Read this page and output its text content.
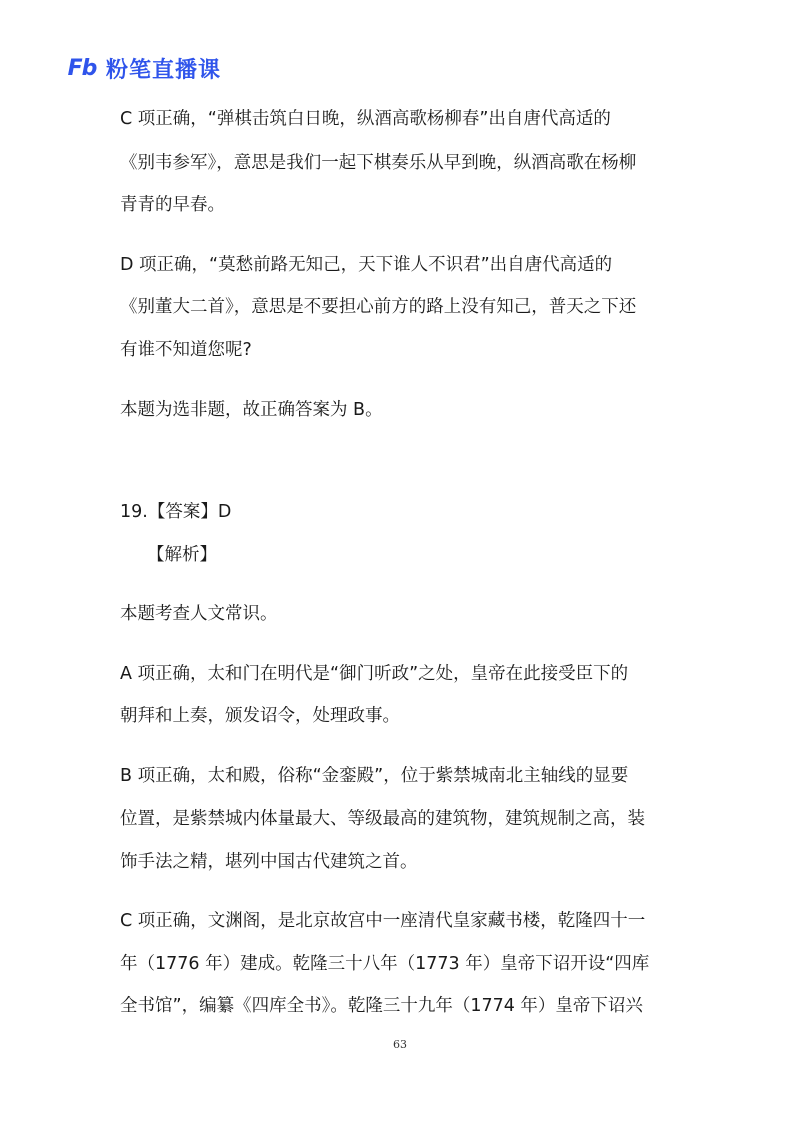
Fb 粉笔直播课
C 项正确，“弹棋击筑白日晚，纵酒高歌杨柳春”出自唐代高适的
《别韦参军》，意思是我们一起下棋奏乐从早到晚，纵酒高歌在杨柳
青青的早春。
D 项正确，“莫愁前路无知己，天下谁人不识君”出自唐代高适的
《别董大二首》，意思是不要担心前方的路上没有知己，普天之下还
有谁不知道您呢?
本题为选非题，故正确答案为 B。
19.【答案】D
【解析】
本题考查人文常识。
A 项正确，太和门在明代是“御门听政”之处，皇帝在此接受臣下的
朝拜和上奏，颁发诏令，处理政事。
B 项正确，太和殿，俗称“金銮殿”，位于紫禁城南北主轴线的显要
位置，是紫禁城内体量最大、等级最高的建筑物，建筑规制之高，装
饰手法之精，堪列中国古代建筑之首。
C 项正确，文渊阁，是北京故宫中一座清代皇家藏书楼，乾隆四十一
年（1776 年）建成。乾隆三十八年（1773 年）皇帝下诏开设“四库
全书馆”，编纂《四库全书》。乾隆三十九年（1774 年）皇帝下诏兴
63
